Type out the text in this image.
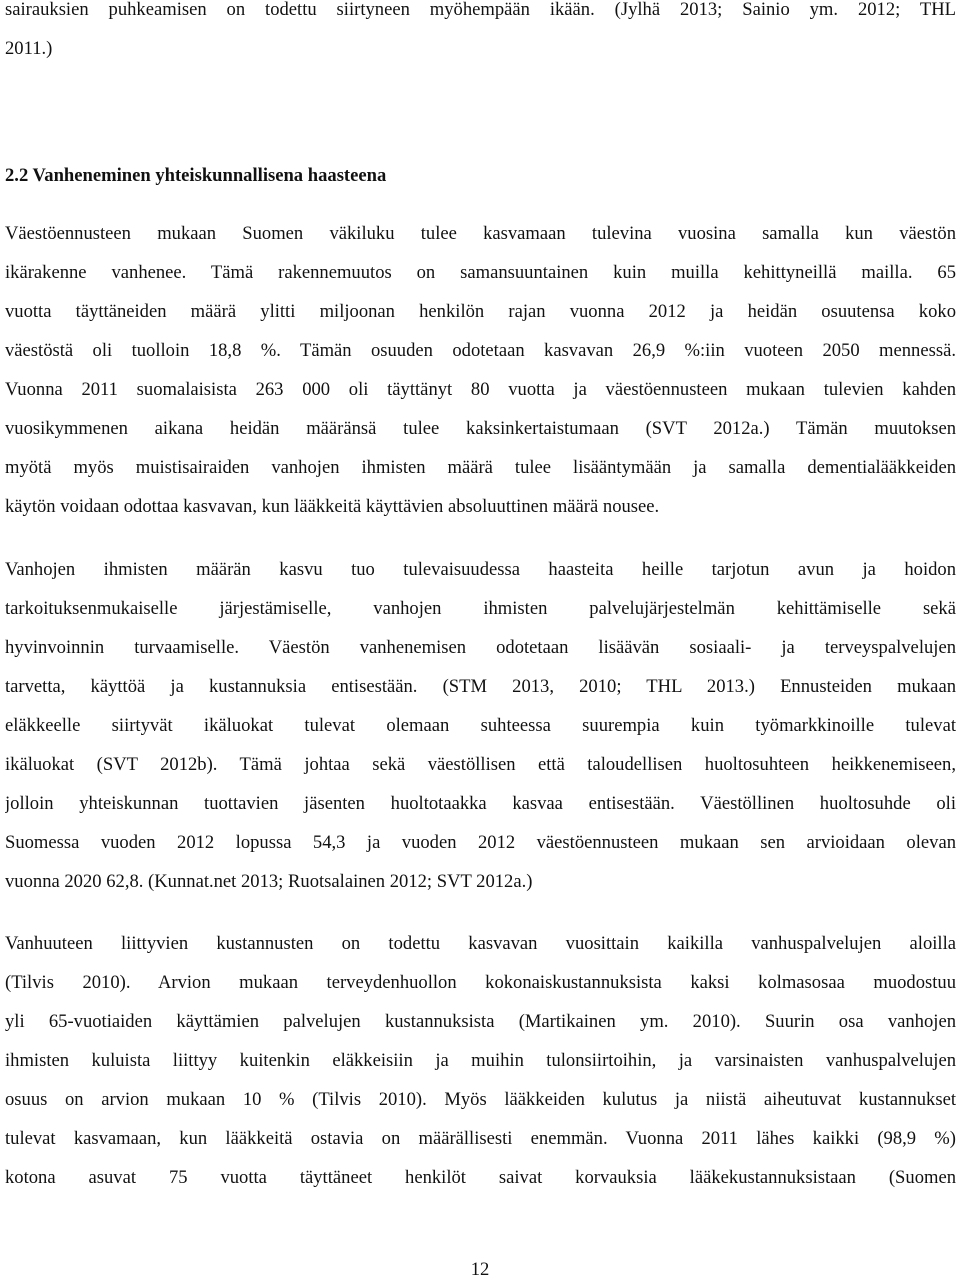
sairauksien puhkeamisen on todettu siirtyneen myöhempään ikään. (Jylhä 2013; Sainio ym. 2012; THL
2011.)
2.2 Vanheneminen yhteiskunnallisena haasteena
Väestöennusteen mukaan Suomen väkiluku tulee kasvamaan tulevina vuosina samalla kun väestön
ikärakenne vanhenee. Tämä rakennemuutos on samansuuntainen kuin muilla kehittyneillä mailla. 65
vuotta täyttäneiden määrä ylitti miljoonan henkilön rajan vuonna 2012 ja heidän osuutensa koko
väestöstä oli tuolloin 18,8 %. Tämän osuuden odotetaan kasvavan 26,9 %:iin vuoteen 2050 mennessä.
Vuonna 2011 suomalaisista 263 000 oli täyttänyt 80 vuotta ja väestöennusteen mukaan tulevien kahden
vuosikymmenen aikana heidän määränsä tulee kaksinkertaistumaan (SVT 2012a.) Tämän muutoksen
myötä myös muistisairaiden vanhojen ihmisten määrä tulee lisääntymään ja samalla dementialääkkeiden
käytön voidaan odottaa kasvavan, kun lääkkeitä käyttävien absoluuttinen määrä nousee.
Vanhojen ihmisten määrän kasvu tuo tulevaisuudessa haasteita heille tarjotun avun ja hoidon
tarkoituksenmukaiselle järjestämiselle, vanhojen ihmisten palvelujärjestelmän kehittämiselle sekä
hyvinvoinnin turvaamiselle. Väestön vanhenemisen odotetaan lisäävän sosiaali- ja terveyspalvelujen
tarvetta, käyttöä ja kustannuksia entisestään. (STM 2013, 2010; THL 2013.) Ennusteiden mukaan
eläkkeelle siirtyvät ikäluokat tulevat olemaan suhteessa suurempia kuin työmarkkinoille tulevat
ikäluokat (SVT 2012b). Tämä johtaa sekä väestöllisen että taloudellisen huoltosuhteen heikkenemiseen,
jolloin yhteiskunnan tuottavien jäsenten huoltotaakka kasvaa entisestään. Väestöllinen huoltosuhde oli
Suomessa vuoden 2012 lopussa 54,3 ja vuoden 2012 väestöennusteen mukaan sen arvioidaan olevan
vuonna 2020 62,8. (Kunnat.net 2013; Ruotsalainen 2012; SVT 2012a.)
Vanhuuteen liittyvien kustannusten on todettu kasvavan vuosittain kaikilla vanhuspalvelujen aloilla
(Tilvis 2010). Arvion mukaan terveydenhuollon kokonaiskustannuksista kaksi kolmasosaa muodostuu
yli 65-vuotiaiden käyttämien palvelujen kustannuksista (Martikainen ym. 2010). Suurin osa vanhojen
ihmisten kuluista liittyy kuitenkin eläkkeisiin ja muihin tulonsiirtoihin, ja varsinaisten vanhuspalvelujen
osuus on arvion mukaan 10 % (Tilvis 2010). Myös lääkkeiden kulutus ja niistä aiheutuvat kustannukset
tulevat kasvamaan, kun lääkkeitä ostavia on määrällisesti enemmän. Vuonna 2011 lähes kaikki (98,9 %)
kotona asuvat 75 vuotta täyttäneet henkilöt saivat korvauksia lääkekustannuksistaan (Suomen
12
